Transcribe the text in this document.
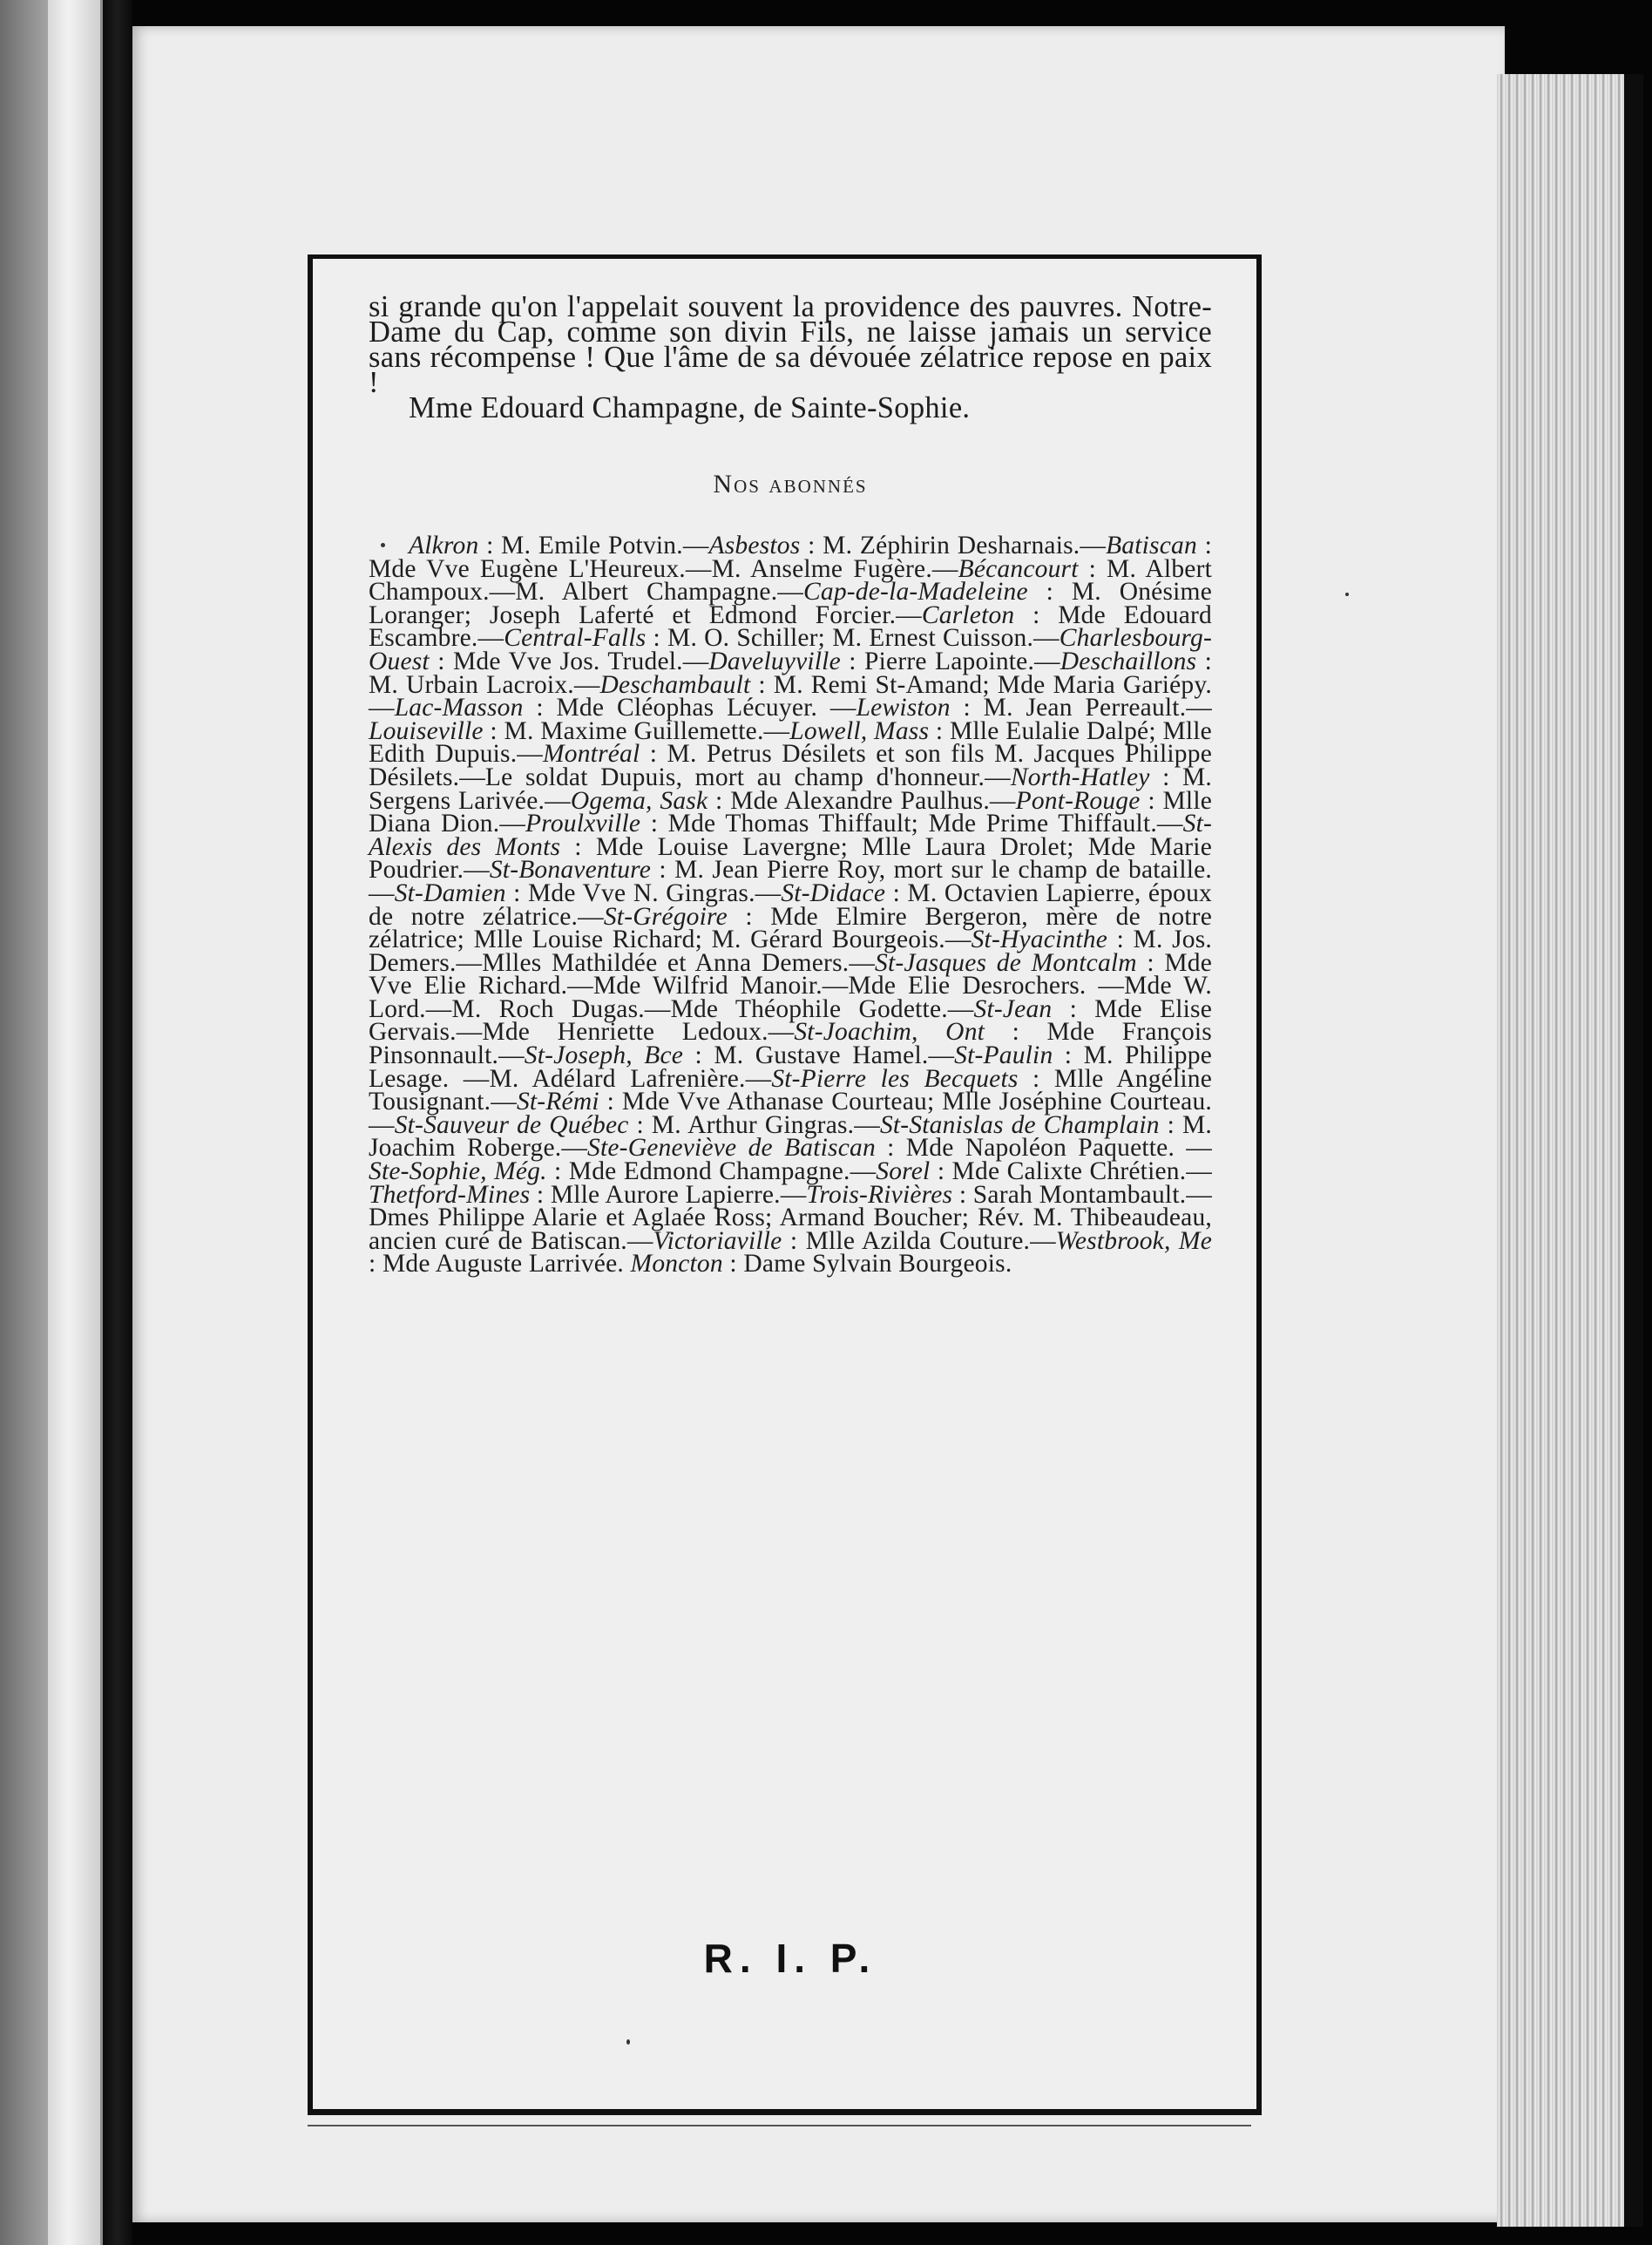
si grande qu'on l'appelait souvent la providence des pauvres. Notre-Dame du Cap, comme son divin Fils, ne laisse jamais un service sans récompense ! Que l'âme de sa dévouée zélatrice repose en paix !

Mme Edouard Champagne, de Sainte-Sophie.

Nos abonnés

Alkron : M. Emile Potvin.—Asbestos : M. Zéphirin Desharnais.—Batiscan : Mde Vve Eugène L'Heureux.—M. Anselme Fugère.—Bécancourt : M. Albert Champoux.—M. Albert Champagne.—Cap-de-la-Madeleine : M. Onésime Loranger; Joseph Laferté et Edmond Forcier.—Carleton : Mde Edouard Escambre.—Central-Falls : M. O. Schiller; M. Ernest Cuisson.—Charlesbourg-Ouest : Mde Vve Jos. Trudel.—Daveluyville : Pierre Lapointe.—Deschaillons : M. Urbain Lacroix.—Deschambault : M. Remi St-Amand; Mde Maria Gariépy.—Lac-Masson : Mde Cléophas Lécuyer. —Lewiston : M. Jean Perreault.—Louiseville : M. Maxime Guillemette.—Lowell, Mass : Mlle Eulalie Dalpé; Mlle Edith Dupuis.—Montréal : M. Petrus Désilets et son fils M. Jacques Philippe Désilets.—Le soldat Dupuis, mort au champ d'honneur.—North-Hatley : M. Sergens Larivée.—Ogema, Sask : Mde Alexandre Paulhus.—Pont-Rouge : Mlle Diana Dion.—Proulxville : Mde Thomas Thiffault; Mde Prime Thiffault.—St-Alexis des Monts : Mde Louise Lavergne; Mlle Laura Drolet; Mde Marie Poudrier.—St-Bonaventure : M. Jean Pierre Roy, mort sur le champ de bataille.—St-Damien : Mde Vve N. Gingras.—St-Didace : M. Octavien Lapierre, époux de notre zélatrice.—St-Grégoire : Mde Elmire Bergeron, mère de notre zélatrice; Mlle Louise Richard; M. Gérard Bourgeois.—St-Hyacinthe : M. Jos. Demers.—Mlles Mathildée et Anna Demers.—St-Jasques de Montcalm : Mde Vve Elie Richard.—Mde Wilfrid Manoir.—Mde Elie Desrochers. —Mde W. Lord.—M. Roch Dugas.—Mde Théophile Godette.—St-Jean : Mde Elise Gervais.—Mde Henriette Ledoux.—St-Joachim, Ont : Mde François Pinsonnault.—St-Joseph, Bce : M. Gustave Hamel.—St-Paulin : M. Philippe Lesage. —M. Adélard Lafrenière.—St-Pierre les Becquets : Mlle Angéline Tousignant.—St-Rémi : Mde Vve Athanase Courteau; Mlle Joséphine Courteau.—St-Sauveur de Québec : M. Arthur Gingras.—St-Stanislas de Champlain : M. Joachim Roberge.—Ste-Geneviève de Batiscan : Mde Napoléon Paquette. —Ste-Sophie, Még. : Mde Edmond Champagne.—Sorel : Mde Calixte Chrétien.—Thetford-Mines : Mlle Aurore Lapierre.—Trois-Rivières : Sarah Montambault.—Dmes Philippe Alarie et Aglaée Ross; Armand Boucher; Rév. M. Thibeaudeau, ancien curé de Batiscan.—Victoriaville : Mlle Azilda Couture.—Westbrook, Me : Mde Auguste Larrivée. Moncton : Dame Sylvain Bourgeois.

R. I. P.
